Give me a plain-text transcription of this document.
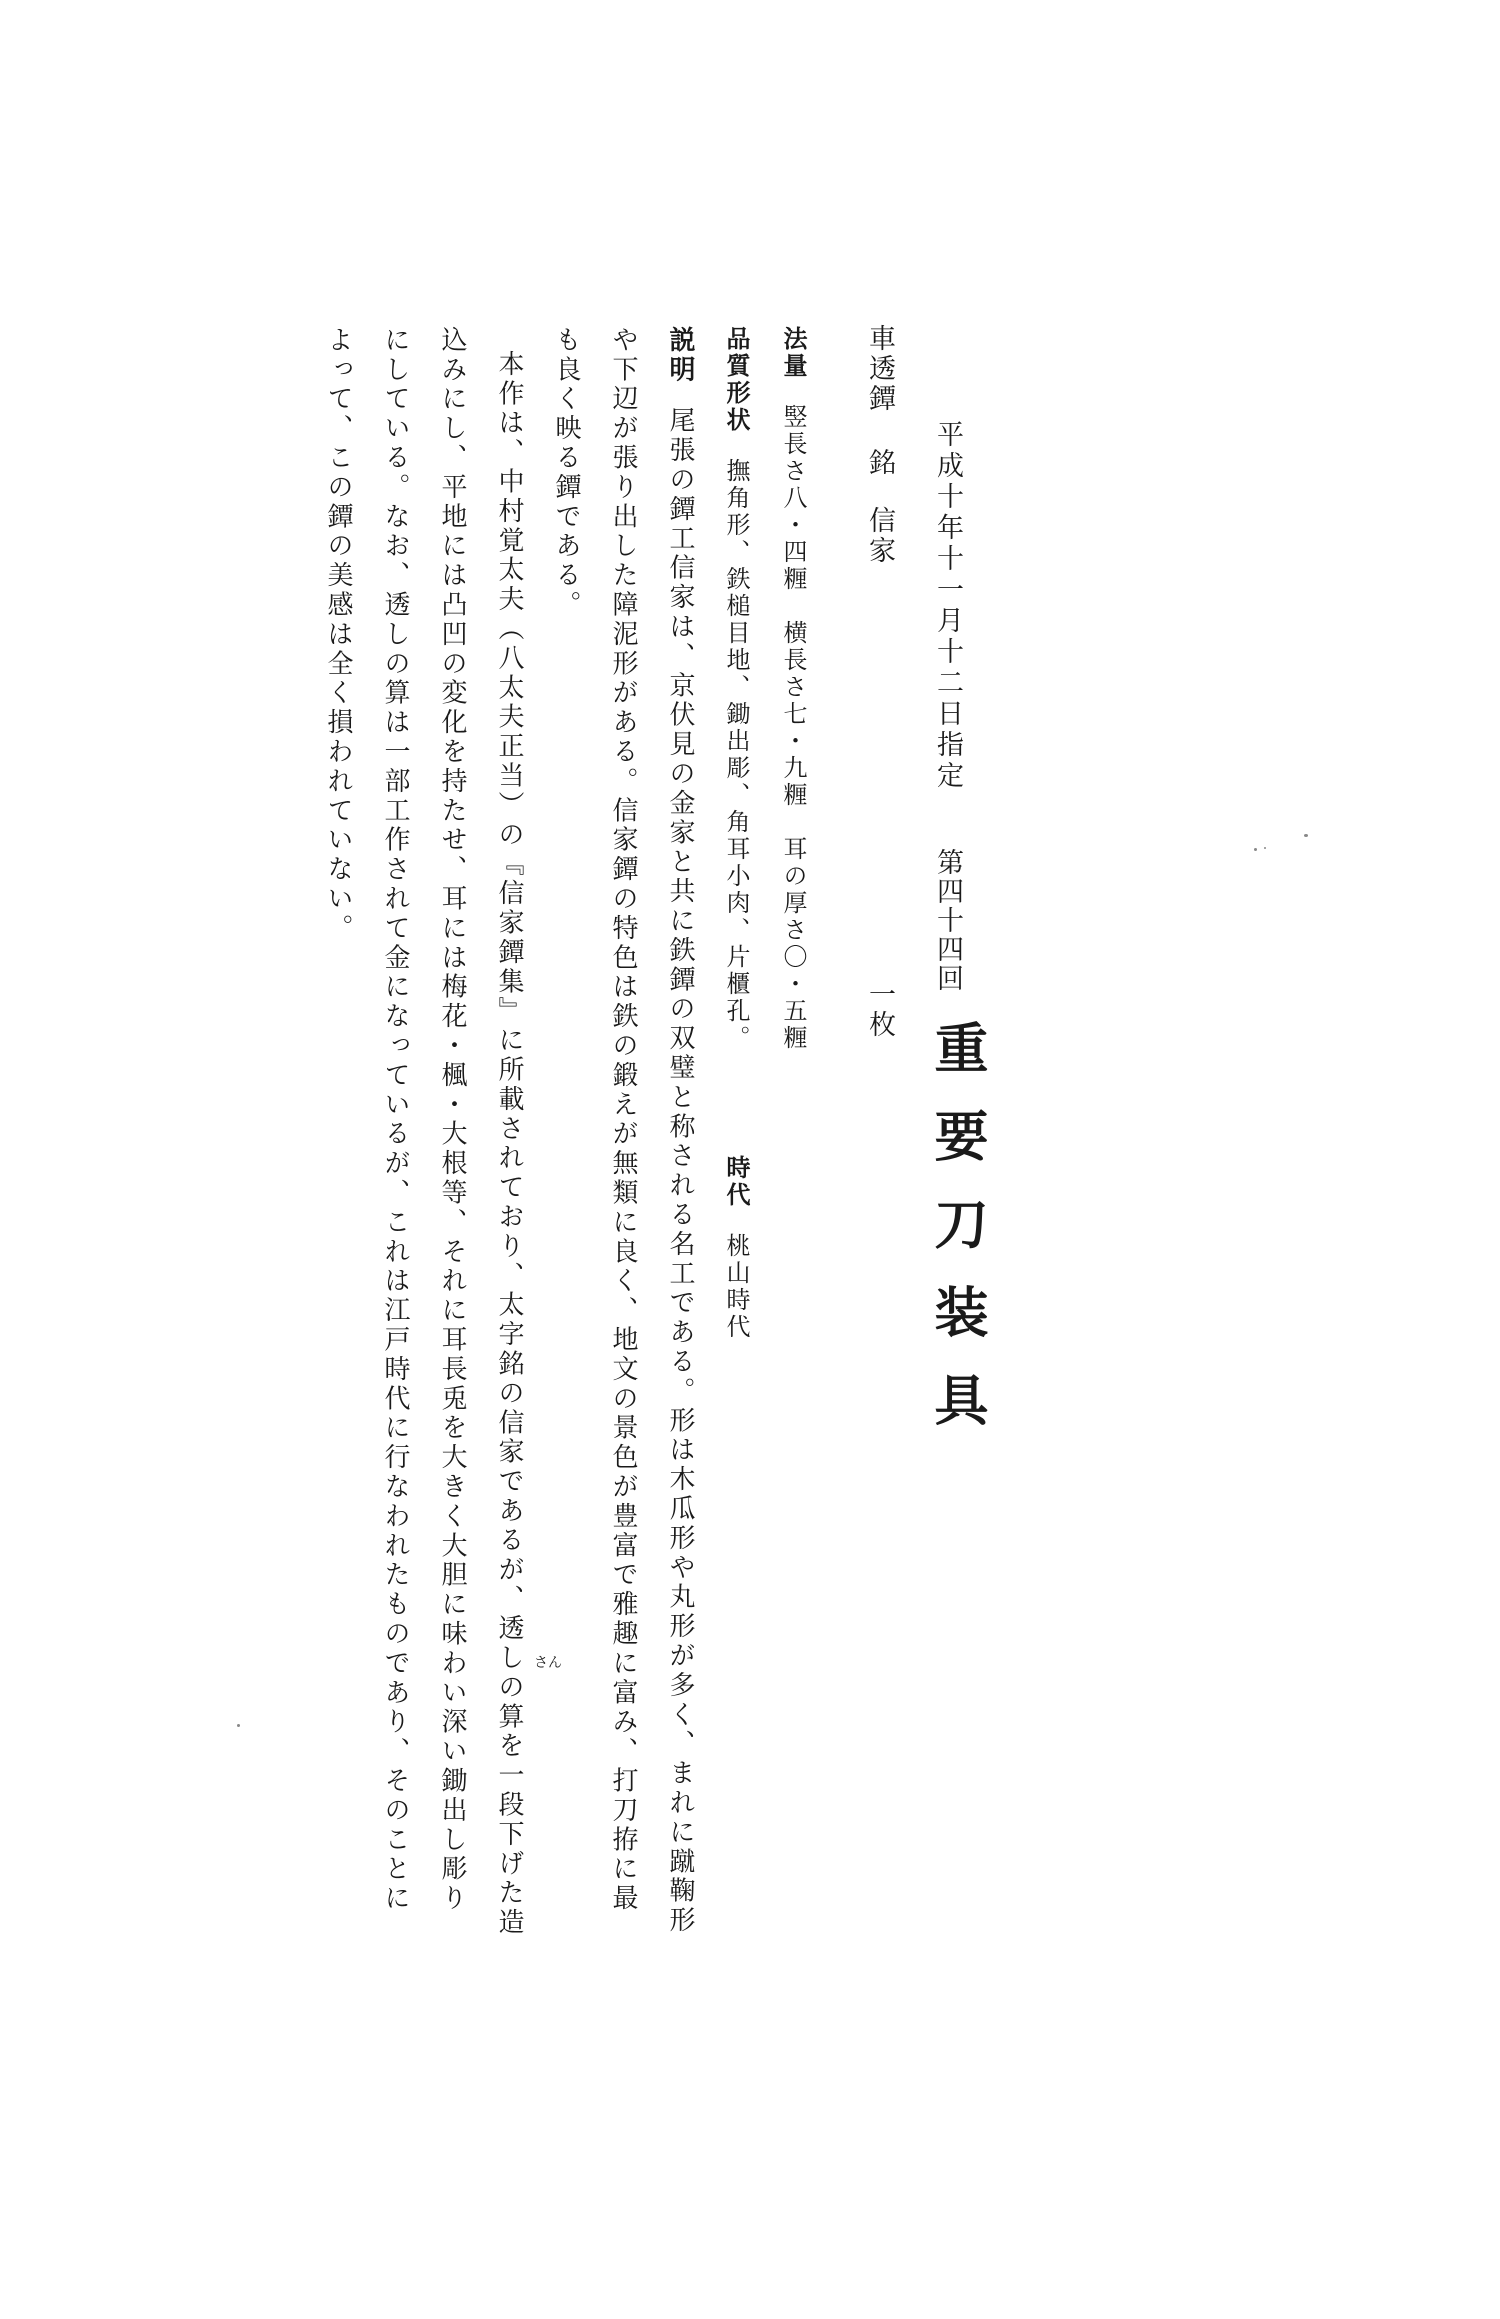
平成十年十一月十二日指定
第四十四回
重要刀装具
車透鐔銘信家
一枚
法量竪長さ八・四糎　横長さ七・九糎　耳の厚さ〇・五糎
品質形状撫角形、鉄槌目地、鋤出彫、角耳小肉、片櫃孔。
時代桃山時代
説明尾張の鐔工信家は、京伏見の金家と共に鉄鐔の双璧と称される名工である。形は木瓜形や丸形が多く、まれに蹴鞠形
や下辺が張り出した障泥形がある。信家鐔の特色は鉄の鍛えが無類に良く、地文の景色が豊富で雅趣に富み、打刀拵に最
も良く映る鐔である。
本作は、中村覚太夫（八太夫正当）の『信家鐔集』に所載されており、太字銘の信家であるが、透しの算を一段下げた造
込みにし、平地には凸凹の変化を持たせ、耳には梅花・楓・大根等、それに耳長兎を大きく大胆に味わい深い鋤出し彫り
にしている。なお、透しの算は一部工作されて金になっているが、これは江戸時代に行なわれたものであり、そのことに
よって、この鐔の美感は全く損われていない。
さん
